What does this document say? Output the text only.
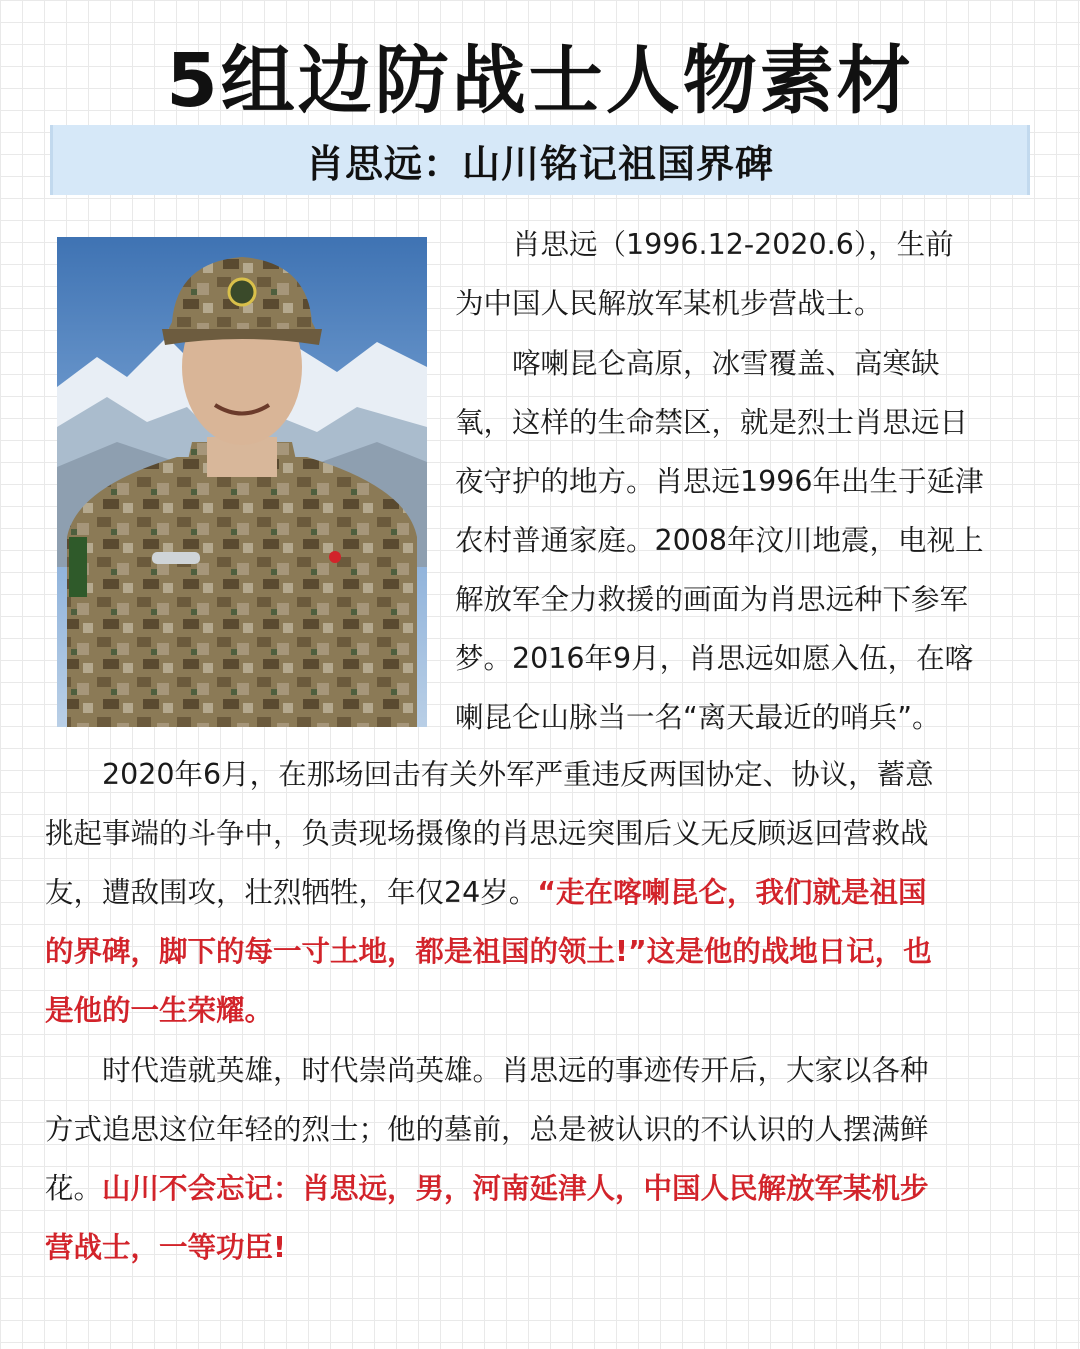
5组边防战士人物素材
肖思远：山川铭记祖国界碑
　　肖思远（1996.12-2020.6），生前
为中国人民解放军某机步营战士。
　　喀喇昆仑高原，冰雪覆盖、高寒缺
氧，这样的生命禁区，就是烈士肖思远日
夜守护的地方。肖思远1996年出生于延津
农村普通家庭。2008年汶川地震，电视上
解放军全力救援的画面为肖思远种下参军
梦。2016年9月，肖思远如愿入伍，在喀
喇昆仑山脉当一名“离天最近的哨兵”。
　　2020年6月，在那场回击有关外军严重违反两国协定、协议，蓄意
挑起事端的斗争中，负责现场摄像的肖思远突围后义无反顾返回营救战
友，遭敌围攻，壮烈牺牲，年仅24岁。“走在喀喇昆仑，我们就是祖国
的界碑，脚下的每一寸土地，都是祖国的领土!”这是他的战地日记，也
是他的一生荣耀。
　　时代造就英雄，时代崇尚英雄。肖思远的事迹传开后，大家以各种
方式追思这位年轻的烈士；他的墓前，总是被认识的不认识的人摆满鲜
花。山川不会忘记：肖思远，男，河南延津人，中国人民解放军某机步
营战士，一等功臣!
